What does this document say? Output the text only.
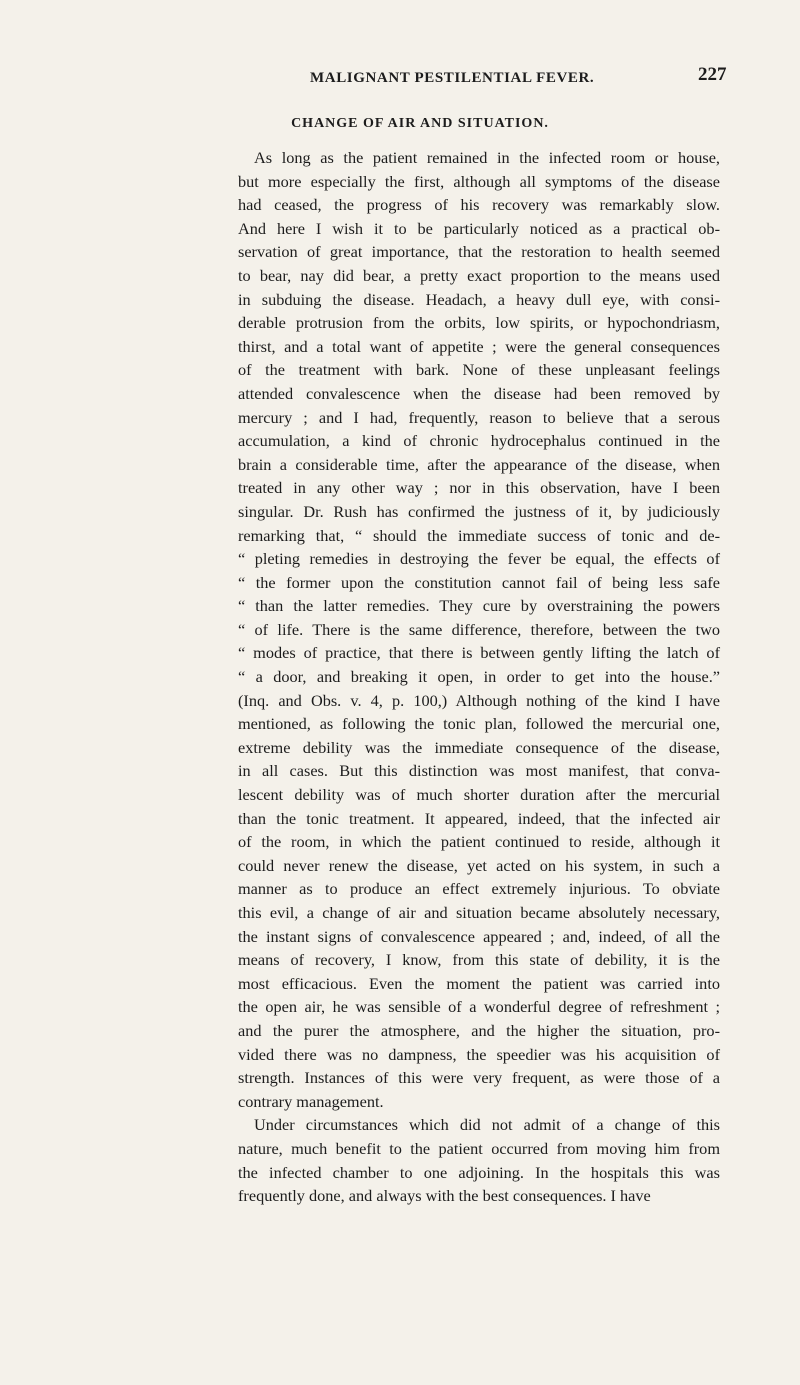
MALIGNANT PESTILENTIAL FEVER.	227
CHANGE OF AIR AND SITUATION.
As long as the patient remained in the infected room or house,
but more especially the first, although all symptoms of the disease
had ceased, the progress of his recovery was remarkably slow.
And here I wish it to be particularly noticed as a practical ob-
servation of great importance, that the restoration to health seemed
to bear, nay did bear, a pretty exact proportion to the means used
in subduing the disease. Headach, a heavy dull eye, with consi-
derable protrusion from the orbits, low spirits, or hypochondriasm,
thirst, and a total want of appetite ; were the general consequences
of the treatment with bark. None of these unpleasant feelings
attended convalescence when the disease had been removed by
mercury ; and I had, frequently, reason to believe that a serous
accumulation, a kind of chronic hydrocephalus continued in the
brain a considerable time, after the appearance of the disease, when
treated in any other way ; nor in this observation, have I been
singular. Dr. Rush has confirmed the justness of it, by judiciously
remarking that, “ should the immediate success of tonic and de-
“ pleting remedies in destroying the fever be equal, the effects of
“ the former upon the constitution cannot fail of being less safe
“ than the latter remedies. They cure by overstraining the powers
“ of life. There is the same difference, therefore, between the two
“ modes of practice, that there is between gently lifting the latch of
“ a door, and breaking it open, in order to get into the house.”
(Inq. and Obs. v. 4, p. 100,) Although nothing of the kind I have
mentioned, as following the tonic plan, followed the mercurial one,
extreme debility was the immediate consequence of the disease,
in all cases. But this distinction was most manifest, that conva-
lescent debility was of much shorter duration after the mercurial
than the tonic treatment. It appeared, indeed, that the infected air
of the room, in which the patient continued to reside, although it
could never renew the disease, yet acted on his system, in such a
manner as to produce an effect extremely injurious. To obviate
this evil, a change of air and situation became absolutely necessary,
the instant signs of convalescence appeared ; and, indeed, of all the
means of recovery, I know, from this state of debility, it is the
most efficacious. Even the moment the patient was carried into
the open air, he was sensible of a wonderful degree of refreshment ;
and the purer the atmosphere, and the higher the situation, pro-
vided there was no dampness, the speedier was his acquisition of
strength. Instances of this were very frequent, as were those of a
contrary management.
Under circumstances which did not admit of a change of this
nature, much benefit to the patient occurred from moving him from
the infected chamber to one adjoining. In the hospitals this was
frequently done, and always with the best consequences. I have
